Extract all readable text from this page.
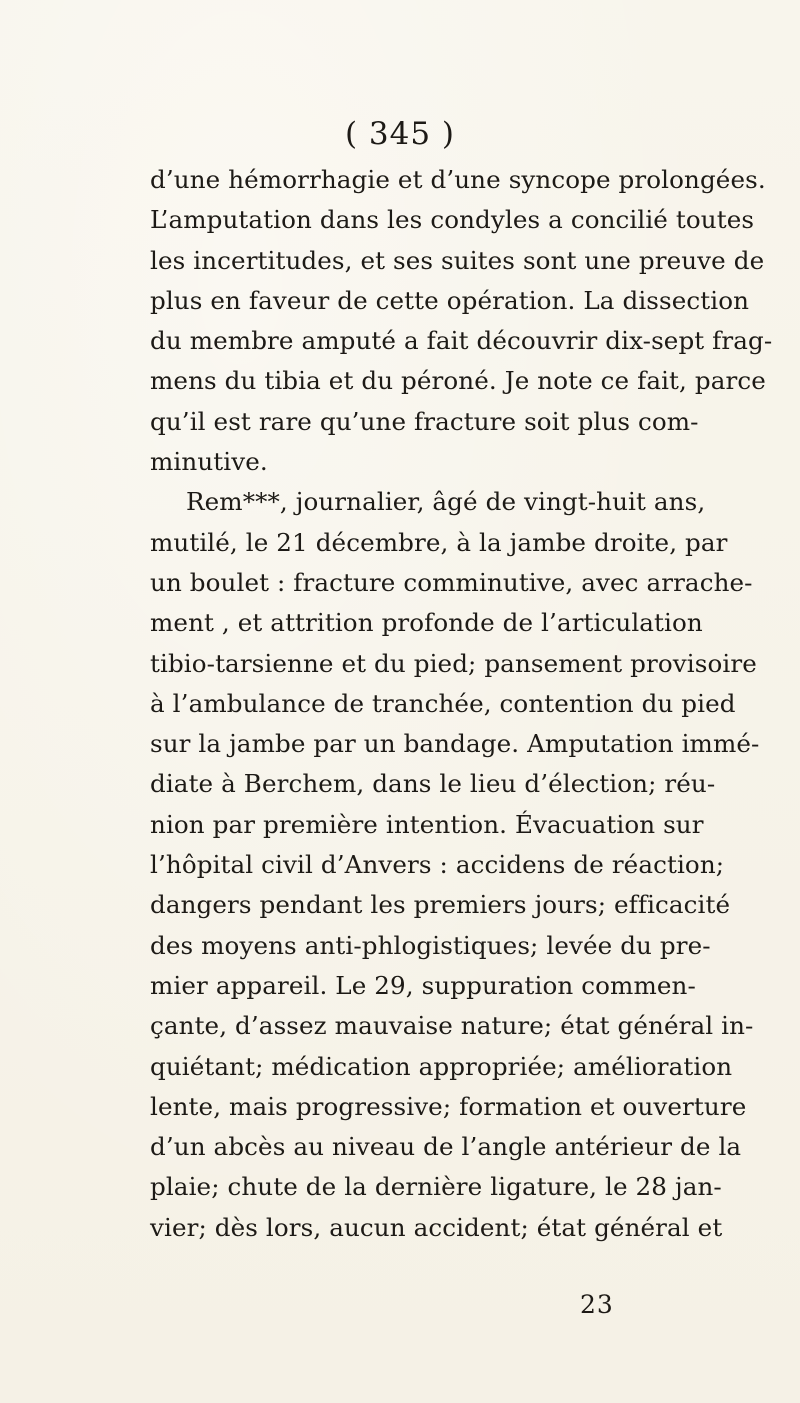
( 345 )
d’une hémorrhagie et d’une syncope prolongées.
L’amputation dans les condyles a concilié toutes
les incertitudes, et ses suites sont une preuve de
plus en faveur de cette opération. La dissection
du membre amputé a fait découvrir dix-sept frag-
mens du tibia et du péroné. Je note ce fait, parce
qu’il est rare qu’une fracture soit plus com-
minutive.
Rem***, journalier, âgé de vingt-huit ans,
mutilé, le 21 décembre, à la jambe droite, par
un boulet : fracture comminutive, avec arrache-
ment , et attrition profonde de l’articulation
tibio-tarsienne et du pied; pansement provisoire
à l’ambulance de tranchée, contention du pied
sur la jambe par un bandage. Amputation immé-
diate à Berchem, dans le lieu d’élection; réu-
nion par première intention. Évacuation sur
l’hôpital civil d’Anvers : accidens de réaction;
dangers pendant les premiers jours; efficacité
des moyens anti-phlogistiques; levée du pre-
mier appareil. Le 29, suppuration commen-
çante, d’assez mauvaise nature; état général in-
quiétant; médication appropriée; amélioration
lente, mais progressive; formation et ouverture
d’un abcès au niveau de l’angle antérieur de la
plaie; chute de la dernière ligature, le 28 jan-
vier; dès lors, aucun accident; état général et
23
